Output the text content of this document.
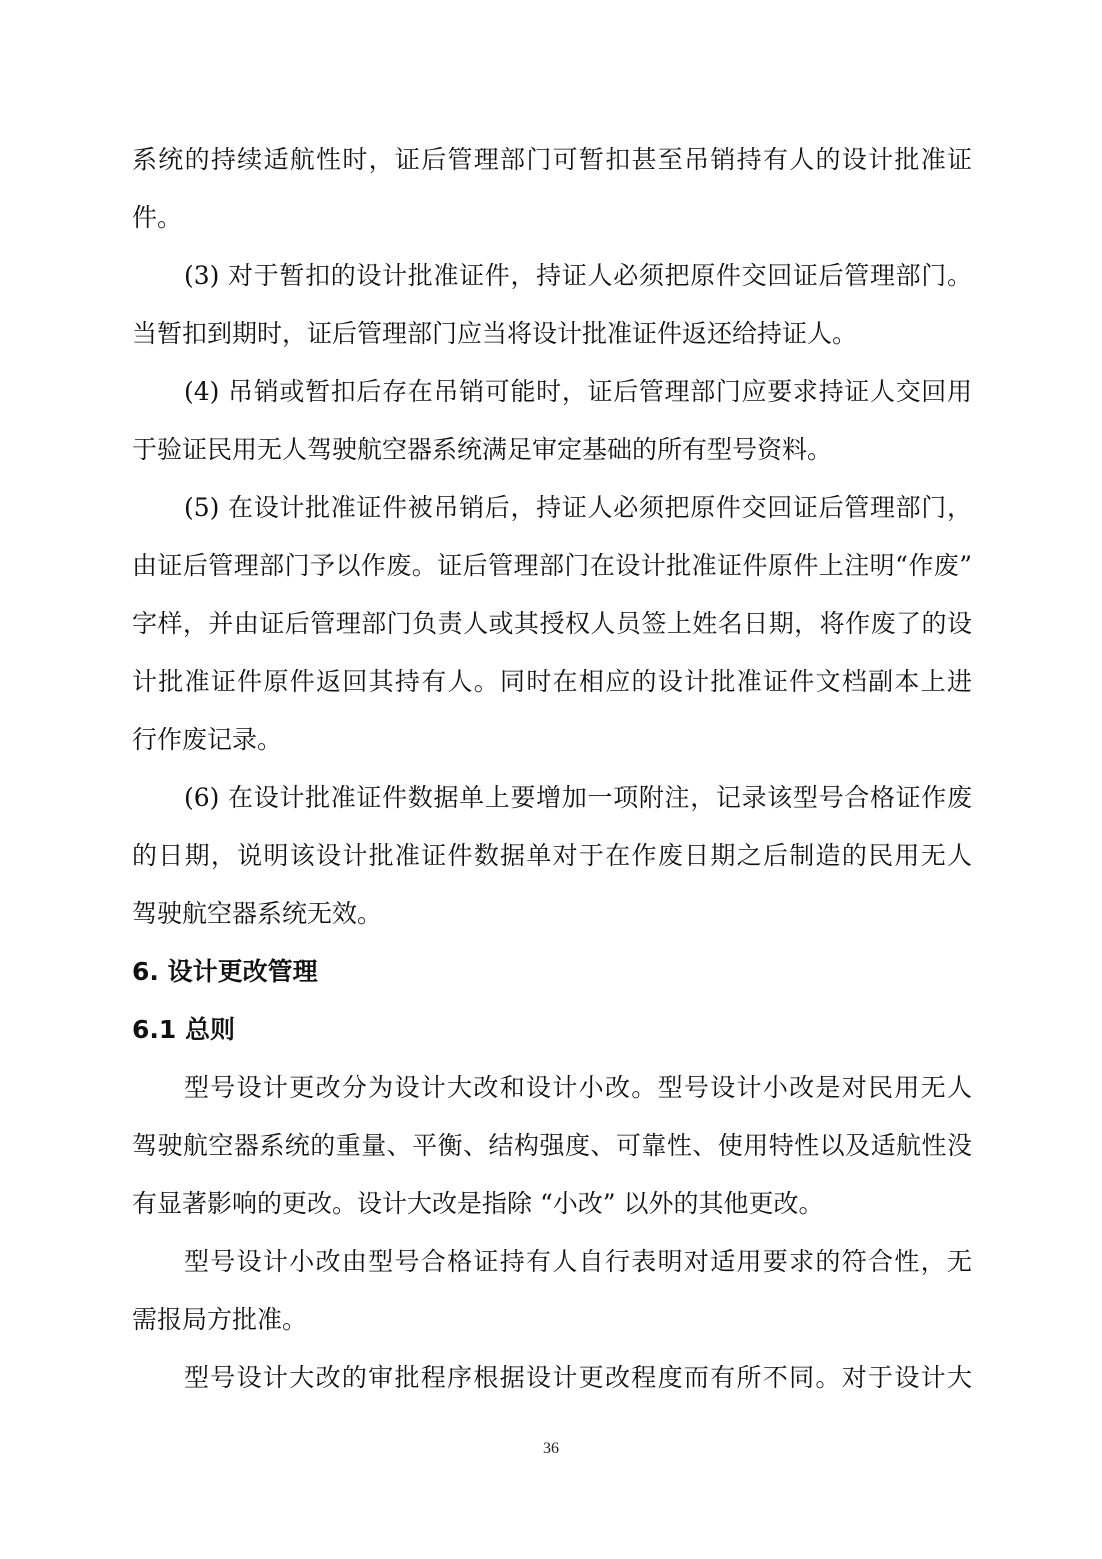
系统的持续适航性时，证后管理部门可暂扣甚至吊销持有人的设计批准证
件。
(3) 对于暂扣的设计批准证件，持证人必须把原件交回证后管理部门。
当暂扣到期时，证后管理部门应当将设计批准证件返还给持证人。
(4) 吊销或暂扣后存在吊销可能时，证后管理部门应要求持证人交回用
于验证民用无人驾驶航空器系统满足审定基础的所有型号资料。
(5) 在设计批准证件被吊销后，持证人必须把原件交回证后管理部门，
由证后管理部门予以作废。证后管理部门在设计批准证件原件上注明“作废”
字样，并由证后管理部门负责人或其授权人员签上姓名日期，将作废了的设
计批准证件原件返回其持有人。同时在相应的设计批准证件文档副本上进
行作废记录。
(6) 在设计批准证件数据单上要增加一项附注，记录该型号合格证作废
的日期，说明该设计批准证件数据单对于在作废日期之后制造的民用无人
驾驶航空器系统无效。
6. 设计更改管理
6.1 总则
型号设计更改分为设计大改和设计小改。型号设计小改是对民用无人
驾驶航空器系统的重量、平衡、结构强度、可靠性、使用特性以及适航性没
有显著影响的更改。设计大改是指除 “小改” 以外的其他更改。
型号设计小改由型号合格证持有人自行表明对适用要求的符合性，无
需报局方批准。
型号设计大改的审批程序根据设计更改程度而有所不同。对于设计大
36
